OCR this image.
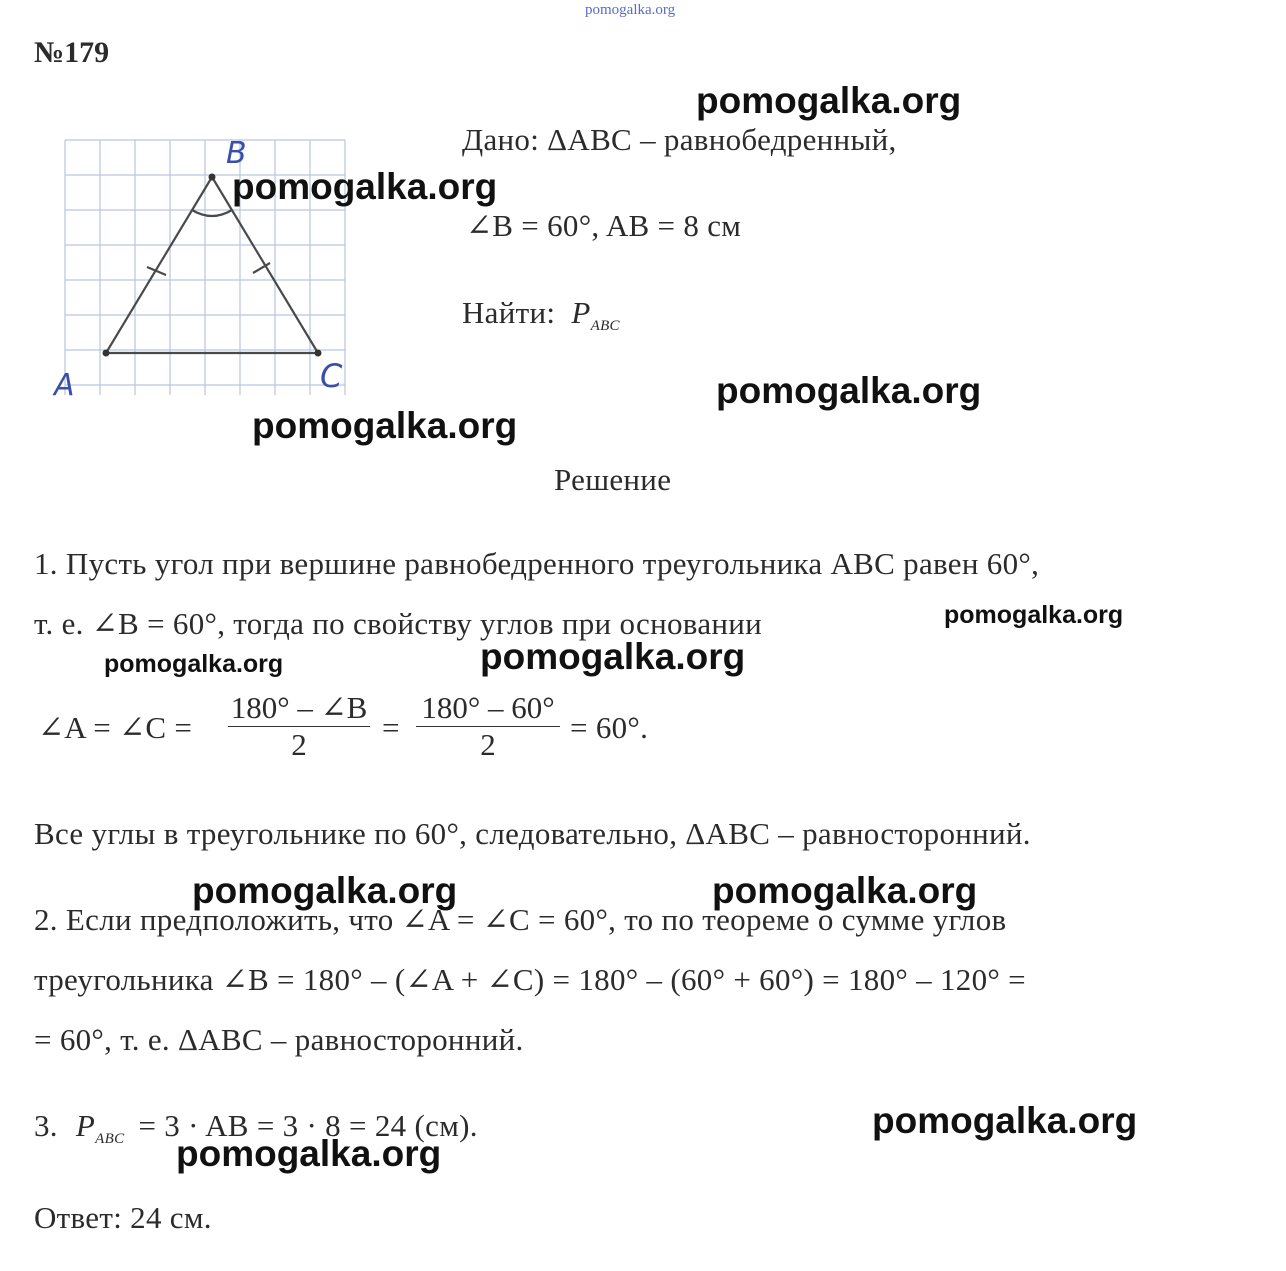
pomogalka.org
№179
B
A	C
Дано: ΔABC – равнобедренный,
∠B = 60°, AB = 8 см
Найти: $P_{ABC}$
Решение
1. Пусть угол при вершине равнобедренного треугольника ABC равен 60°,
т. е. ∠B = 60°, тогда по свойству углов при основании
∠A = ∠C =
180° – ∠B
2	=
180° – 60°
2	= 60°.
Все углы в треугольнике по 60°, следовательно, ΔABC – равносторонний.
2. Если предположить, что ∠A = ∠C = 60°, то по теореме о сумме углов
треугольника ∠B = 180° – (∠A + ∠C) = 180° – (60° + 60°) = 180° – 120° =
= 60°, т. е. ΔABC – равносторонний.
3. $P_{ABC} = 3$ · AB = 3 · 8 = 24 (см).
Ответ: 24 см.
pomogalka.org
pomogalka.org
pomogalka.org
pomogalka.org
pomogalka.org
pomogalka.org	pomogalka.org
pomogalka.org	pomogalka.org
pomogalka.org
pomogalka.org
